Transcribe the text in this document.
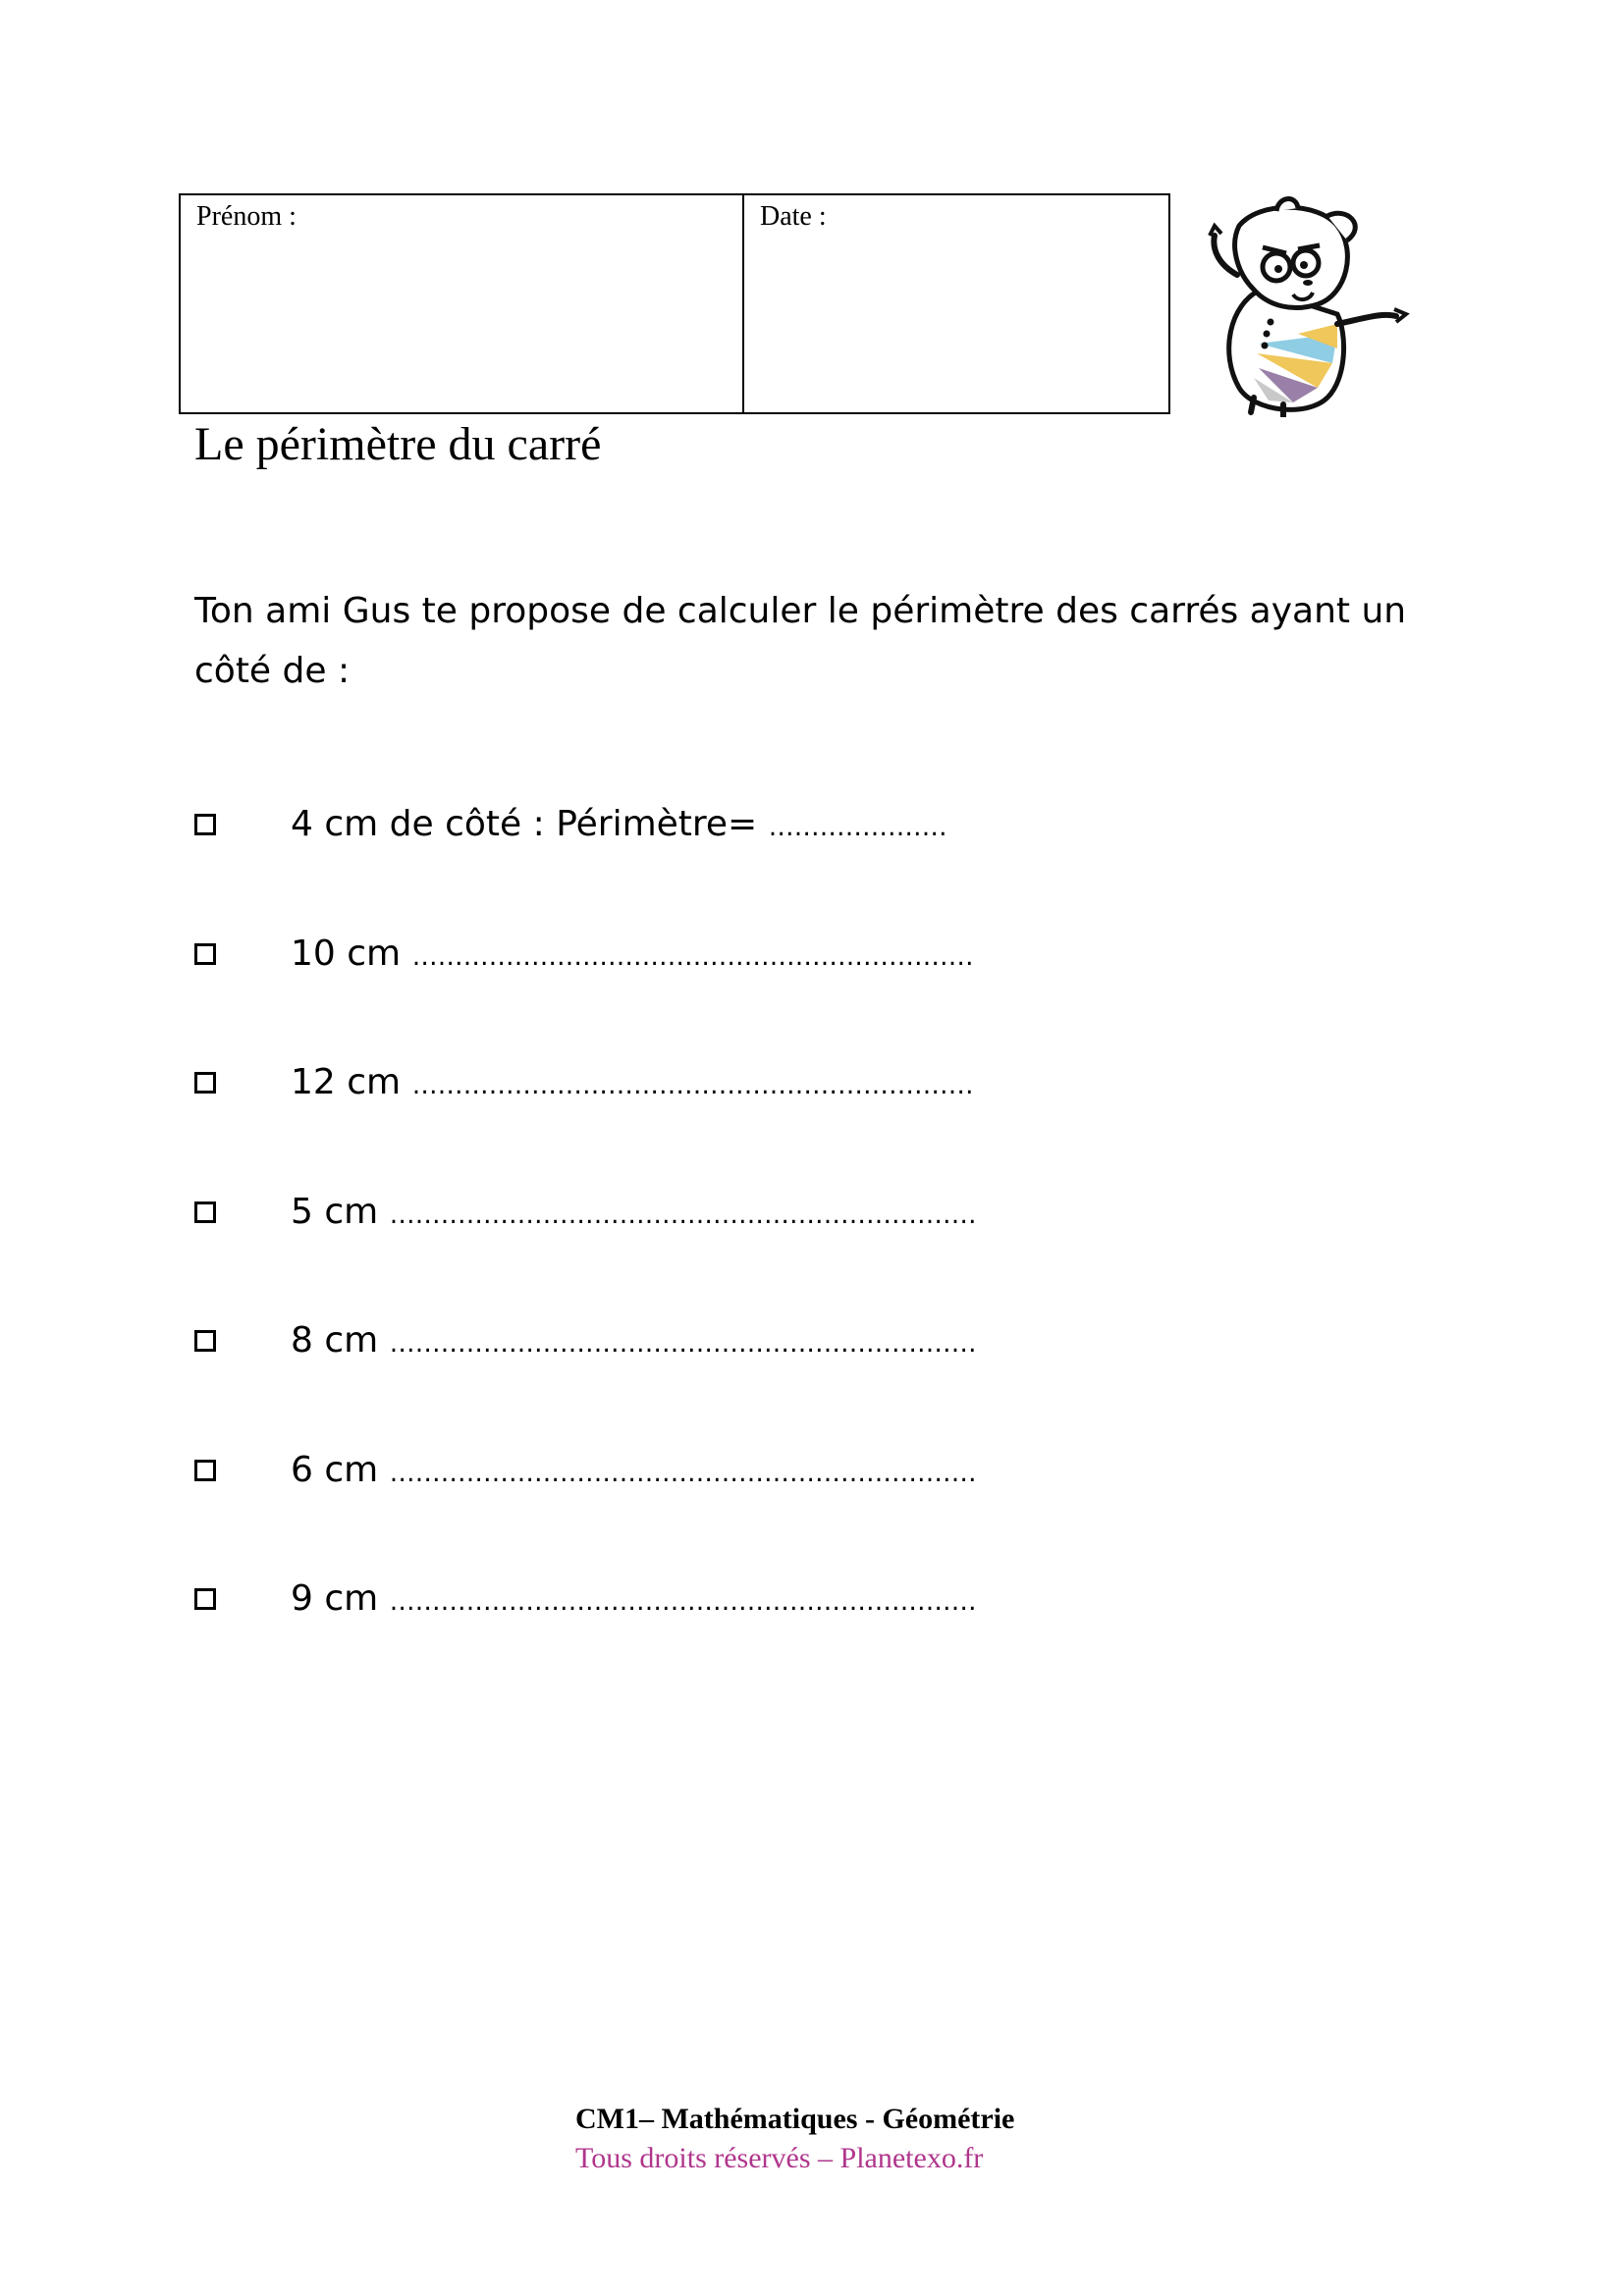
Prénom :	Date :
Le périmètre du carré
Ton ami Gus te propose de calculer le périmètre des carrés ayant un côté de :
4 cm de côté : Périmètre= …………………
10 cm …………………………………………………………
12 cm …………………………………………………………
5 cm ……………………………………………………………
8 cm ……………………………………………………………
6 cm ……………………………………………………………
9 cm ……………………………………………………………
CM1– Mathématiques - Géométrie
Tous droits réservés – Planetexo.fr
